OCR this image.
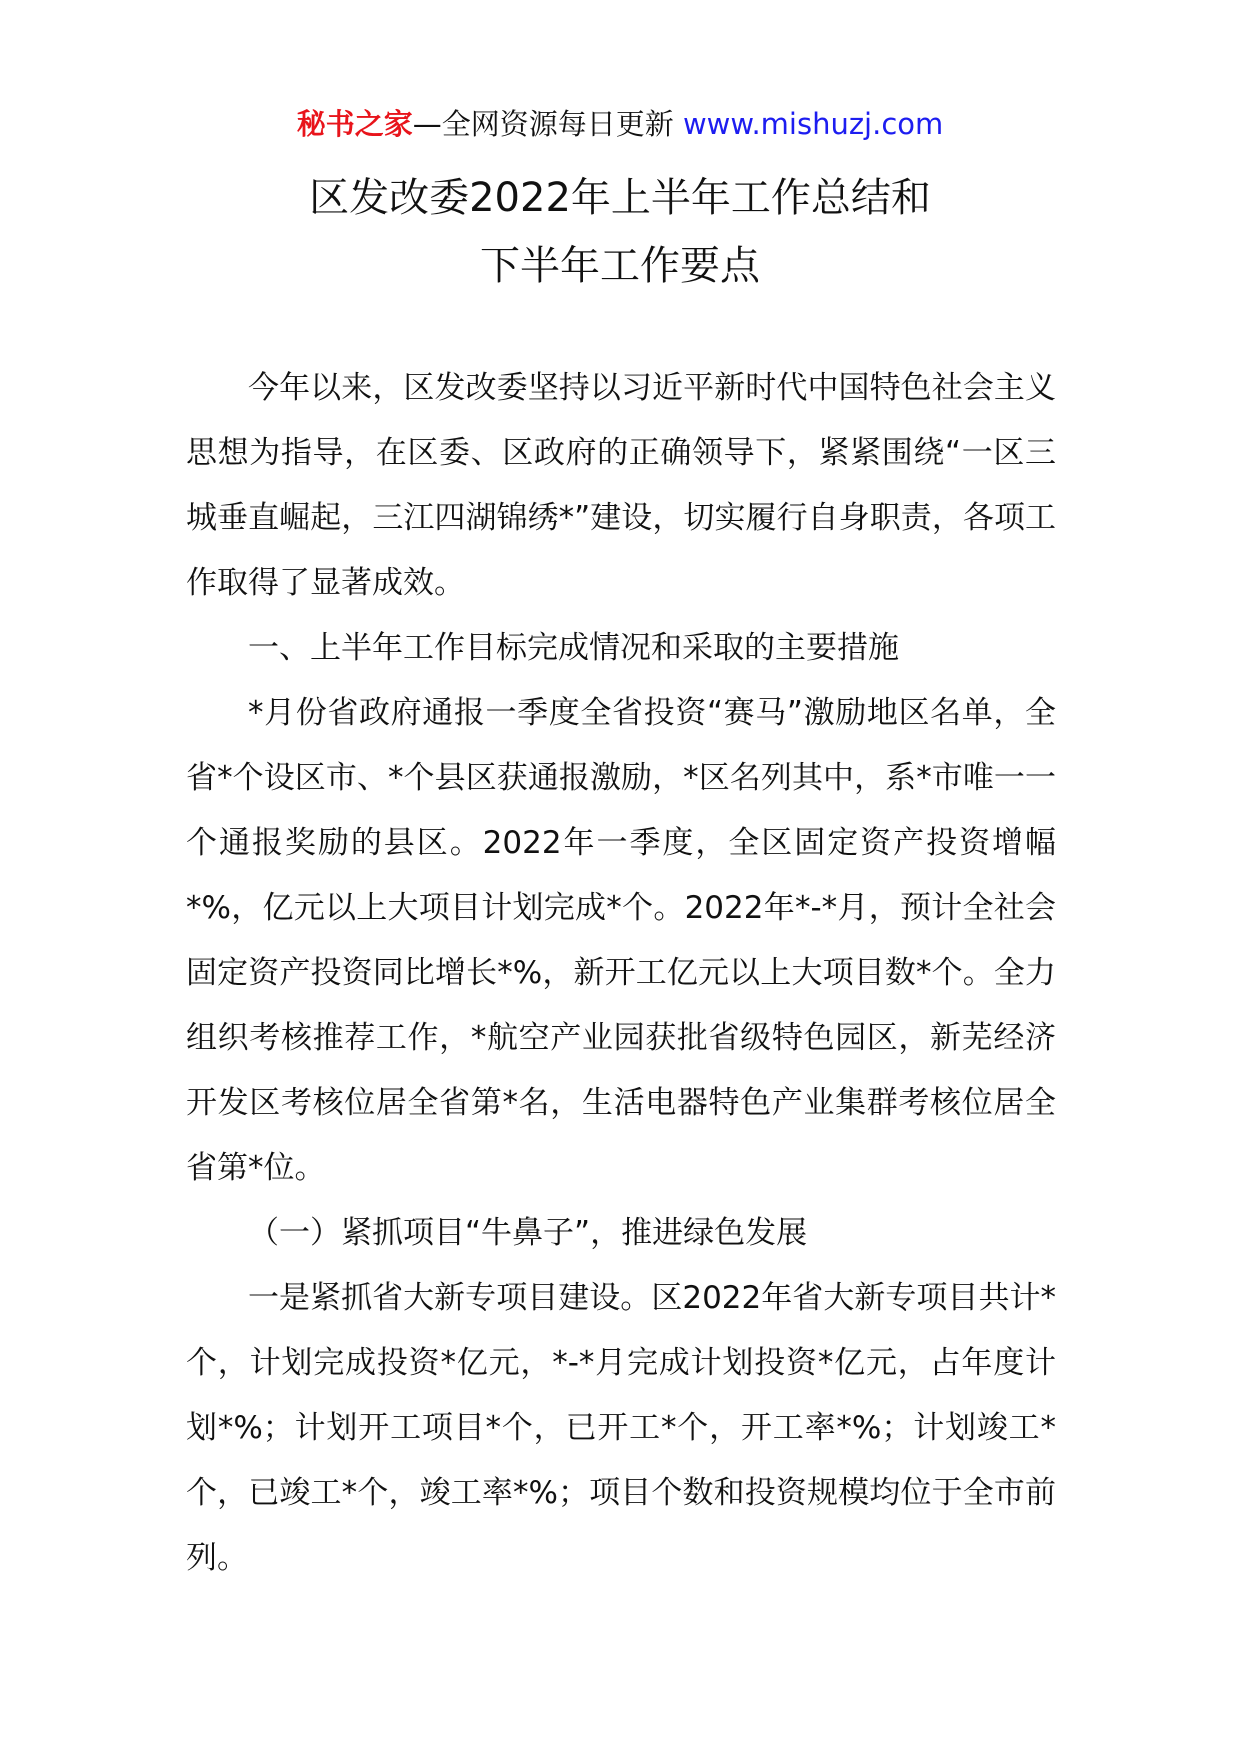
秘书之家—全网资源每日更新 www.mishuzj.com
区发改委2022年上半年工作总结和
下半年工作要点

今年以来，区发改委坚持以习近平新时代中国特色社会主义思想为指导，在区委、区政府的正确领导下，紧紧围绕“一区三城垂直崛起，三江四湖锦绣*”建设，切实履行自身职责，各项工作取得了显著成效。

一、上半年工作目标完成情况和采取的主要措施

*月份省政府通报一季度全省投资“赛马”激励地区名单，全省*个设区市、*个县区获通报激励，*区名列其中，系*市唯一一个通报奖励的县区。2022年一季度，全区固定资产投资增幅*%，亿元以上大项目计划完成*个。2022年*-*月，预计全社会固定资产投资同比增长*%，新开工亿元以上大项目数*个。全力组织考核推荐工作，*航空产业园获批省级特色园区，新芜经济开发区考核位居全省第*名，生活电器特色产业集群考核位居全省第*位。

（一）紧抓项目“牛鼻子”，推进绿色发展

一是紧抓省大新专项目建设。区2022年省大新专项目共计*个，计划完成投资*亿元，*-*月完成计划投资*亿元，占年度计划*%；计划开工项目*个，已开工*个，开工率*%；计划竣工*个，已竣工*个，竣工率*%；项目个数和投资规模均位于全市前列。
